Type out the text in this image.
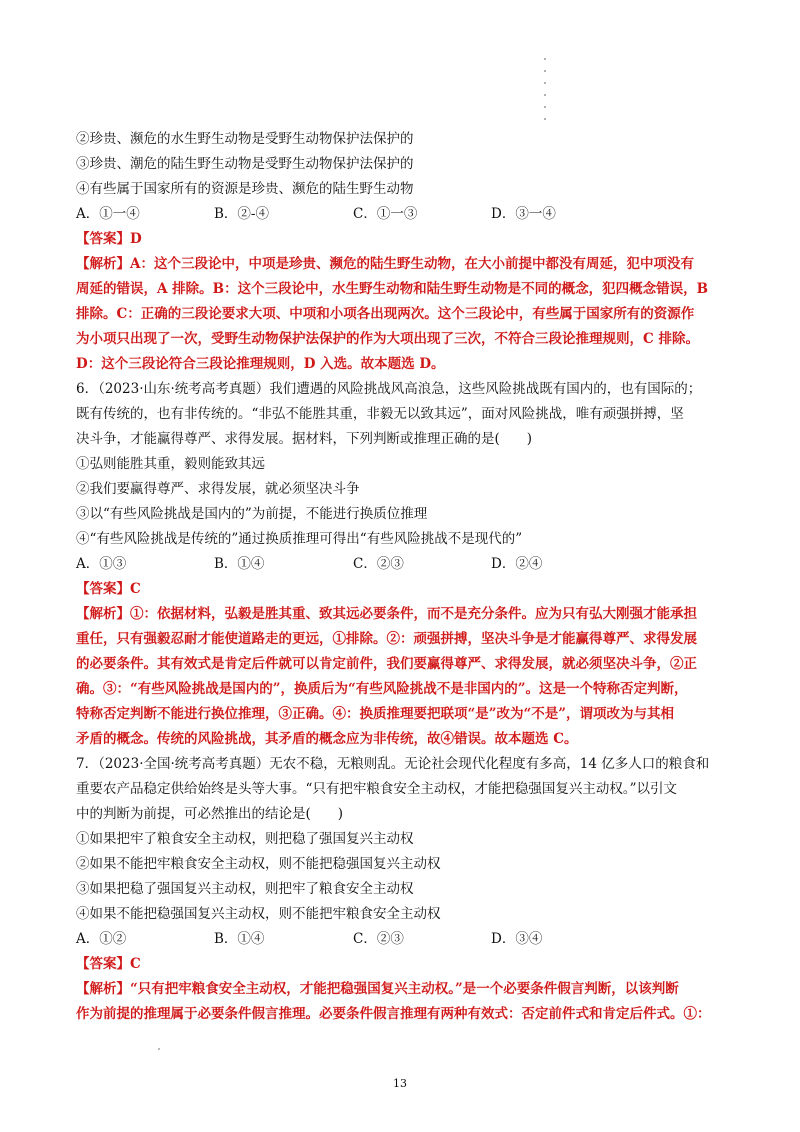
②珍贵、濒危的水生野生动物是受野生动物保护法保护的
③珍贵、潮危的陆生野生动物是受野生动物保护法保护的
④有些属于国家所有的资源是珍贵、濒危的陆生野生动物
A．①一④	B．②-④	C．①一③	D．③一④
【答案】D
【解析】A：这个三段论中，中项是珍贵、濒危的陆生野生动物，在大小前提中都没有周延，犯中项没有
周延的错误，A 排除。B：这个三段论中，水生野生动物和陆生野生动物是不同的概念，犯四概念错误，B
排除。C：正确的三段论要求大项、中项和小项各出现两次。这个三段论中，有些属于国家所有的资源作
为小项只出现了一次，受野生动物保护法保护的作为大项出现了三次，不符合三段论推理规则，C 排除。
D：这个三段论符合三段论推理规则，D 入选。故本题选 D。
6．（2023·山东·统考高考真题）我们遭遇的风险挑战风高浪急，这些风险挑战既有国内的，也有国际的；
既有传统的，也有非传统的。“非弘不能胜其重，非毅无以致其远”，面对风险挑战，唯有顽强拼搏，坚
决斗争，才能赢得尊严、求得发展。据材料，下列判断或推理正确的是(　　)
①弘则能胜其重，毅则能致其远
②我们要赢得尊严、求得发展，就必须坚决斗争
③以“有些风险挑战是国内的”为前提，不能进行换质位推理
④“有些风险挑战是传统的”通过换质推理可得出“有些风险挑战不是现代的”
A．①③	B．①④	C．②③	D．②④
【答案】C
【解析】①：依据材料，弘毅是胜其重、致其远必要条件，而不是充分条件。应为只有弘大刚强才能承担
重任，只有强毅忍耐才能使道路走的更远，①排除。②：顽强拼搏，坚决斗争是才能赢得尊严、求得发展
的必要条件。其有效式是肯定后件就可以肯定前件，我们要赢得尊严、求得发展，就必须坚决斗争，②正
确。③：“有些风险挑战是国内的”，换质后为“有些风险挑战不是非国内的”。这是一个特称否定判断，
特称否定判断不能进行换位推理，③正确。④：换质推理要把联项“是”改为“不是”，谓项改为与其相
矛盾的概念。传统的风险挑战，其矛盾的概念应为非传统，故④错误。故本题选 C。
7．（2023·全国·统考高考真题）无农不稳，无粮则乱。无论社会现代化程度有多高，14 亿多人口的粮食和
重要农产品稳定供给始终是头等大事。“只有把牢粮食安全主动权，才能把稳强国复兴主动权。”以引文
中的判断为前提，可必然推出的结论是(　　)
①如果把牢了粮食安全主动权，则把稳了强国复兴主动权
②如果不能把牢粮食安全主动权，则不能把稳强国复兴主动权
③如果把稳了强国复兴主动权，则把牢了粮食安全主动权
④如果不能把稳强国复兴主动权，则不能把牢粮食安全主动权
A．①②	B．①④	C．②③	D．③④
【答案】C
【解析】“只有把牢粮食安全主动权，才能把稳强国复兴主动权。”是一个必要条件假言判断，以该判断
作为前提的推理属于必要条件假言推理。必要条件假言推理有两种有效式：否定前件式和肯定后件式。①：
13
